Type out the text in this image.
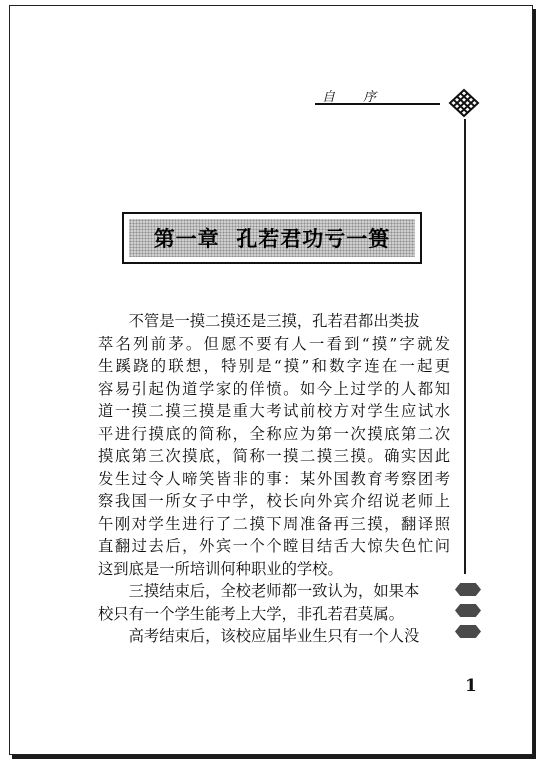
自 序
第一章  孔若君功亏一篑
不管是一摸二摸还是三摸，孔若君都出类拔
萃名列前茅。但愿不要有人一看到“摸”字就发
生蹊跷的联想，特别是“摸”和数字连在一起更
容易引起伪道学家的佯愤。如今上过学的人都知
道一摸二摸三摸是重大考试前校方对学生应试水
平进行摸底的简称，全称应为第一次摸底第二次
摸底第三次摸底，简称一摸二摸三摸。确实因此
发生过令人啼笑皆非的事：某外国教育考察团考
察我国一所女子中学，校长向外宾介绍说老师上
午刚对学生进行了二摸下周准备再三摸，翻译照
直翻过去后，外宾一个个瞠目结舌大惊失色忙问
这到底是一所培训何种职业的学校。
三摸结束后，全校老师都一致认为，如果本
校只有一个学生能考上大学，非孔若君莫属。
高考结束后，该校应届毕业生只有一个人没
1
